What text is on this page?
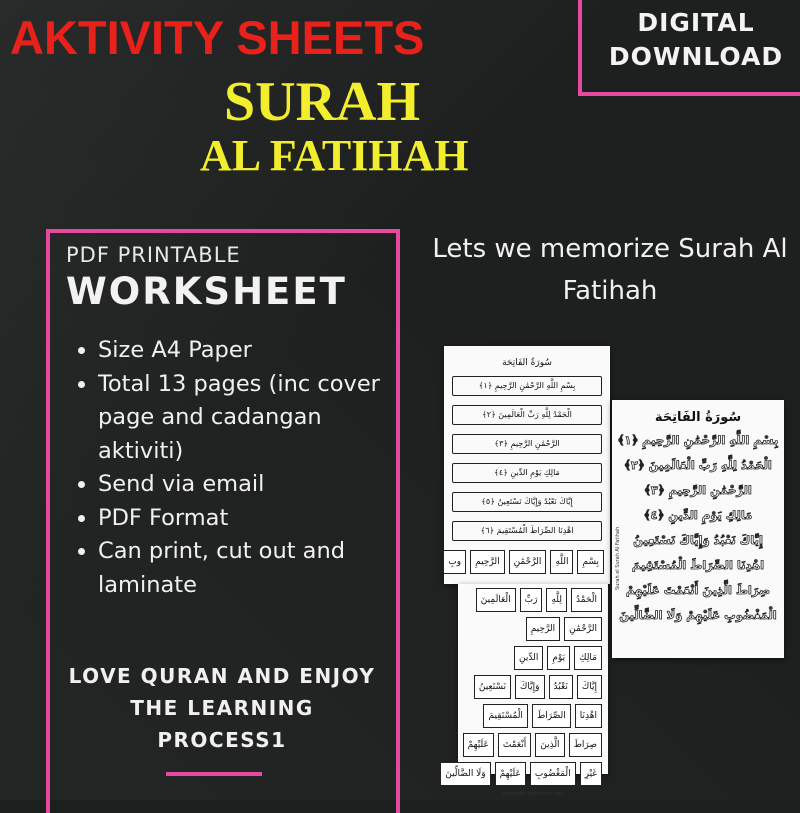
DIGITAL
DOWNLOAD
AKTIVITY SHEETS
SURAH
AL FATIHAH
PDF PRINTABLE
WORKSHEET
• Size A4 Paper
• Total 13 pages (inc cover page and cadangan aktiviti)
• Send via email
• PDF Format
• Can print, cut out and laminate
LOVE QURAN AND ENJOY THE LEARNING PROCESS1
Lets we memorize Surah Al Fatihah
سُورَةُ الفَاتِحَة
بِسْمِ اللَّهِ الرَّحْمَٰنِ الرَّحِيمِ ﴿١﴾
الْحَمْدُ لِلَّهِ رَبِّ الْعَالَمِينَ ﴿٢﴾
الرَّحْمَٰنِ الرَّحِيمِ ﴿٣﴾
مَالِكِ يَوْمِ الدِّينِ ﴿٤﴾
إِيَّاكَ نَعْبُدُ وَإِيَّاكَ نَسْتَعِينُ ﴿٥﴾
اهْدِنَا الصِّرَاطَ الْمُسْتَقِيمَ ﴿٦﴾
بِسْمِ
اللَّهِ
الرَّحْمَٰنِ
الرَّحِيمِ
وبِ
الْحَمْدُ
لِلَّهِ
رَبِّ
الْعَالَمِينَ
الرَّحْمَٰنِ
الرَّحِيمِ
مَالِكِ
يَوْمِ
الدِّينِ
إِيَّاكَ
نَعْبُدُ
وَإِيَّاكَ
نَسْتَعِينُ
اهْدِنَا
الصِّرَاطَ
الْمُسْتَقِيمَ
صِرَاطَ
الَّذِينَ
أَنْعَمْتَ
عَلَيْهِمْ
غَيْرِ
الْمَغْضُوبِ
عَلَيْهِمْ
وَلَا الضَّالِّينَ
Laminate and cut in line
سُورَةُ الفَاتِحَة
بِسْمِ اللَّهِ الرَّحْمَٰنِ الرَّحِيمِ ﴿١﴾
الْحَمْدُ لِلَّهِ رَبِّ الْعَالَمِينَ ﴿٢﴾
الرَّحْمَٰنِ الرَّحِيمِ ﴿٣﴾
مَالِكِ يَوْمِ الدِّينِ ﴿٤﴾
إِيَّاكَ نَعْبُدُ وَإِيَّاكَ نَسْتَعِينُ
اهْدِنَا الصِّرَاطَ الْمُسْتَقِيمَ
صِرَاطَ الَّذِينَ أَنْعَمْتَ عَلَيْهِمْ
الْمَغْضُوبِ عَلَيْهِمْ وَلَا الضَّالِّينَ
Surah el Surah Al Fatihah
